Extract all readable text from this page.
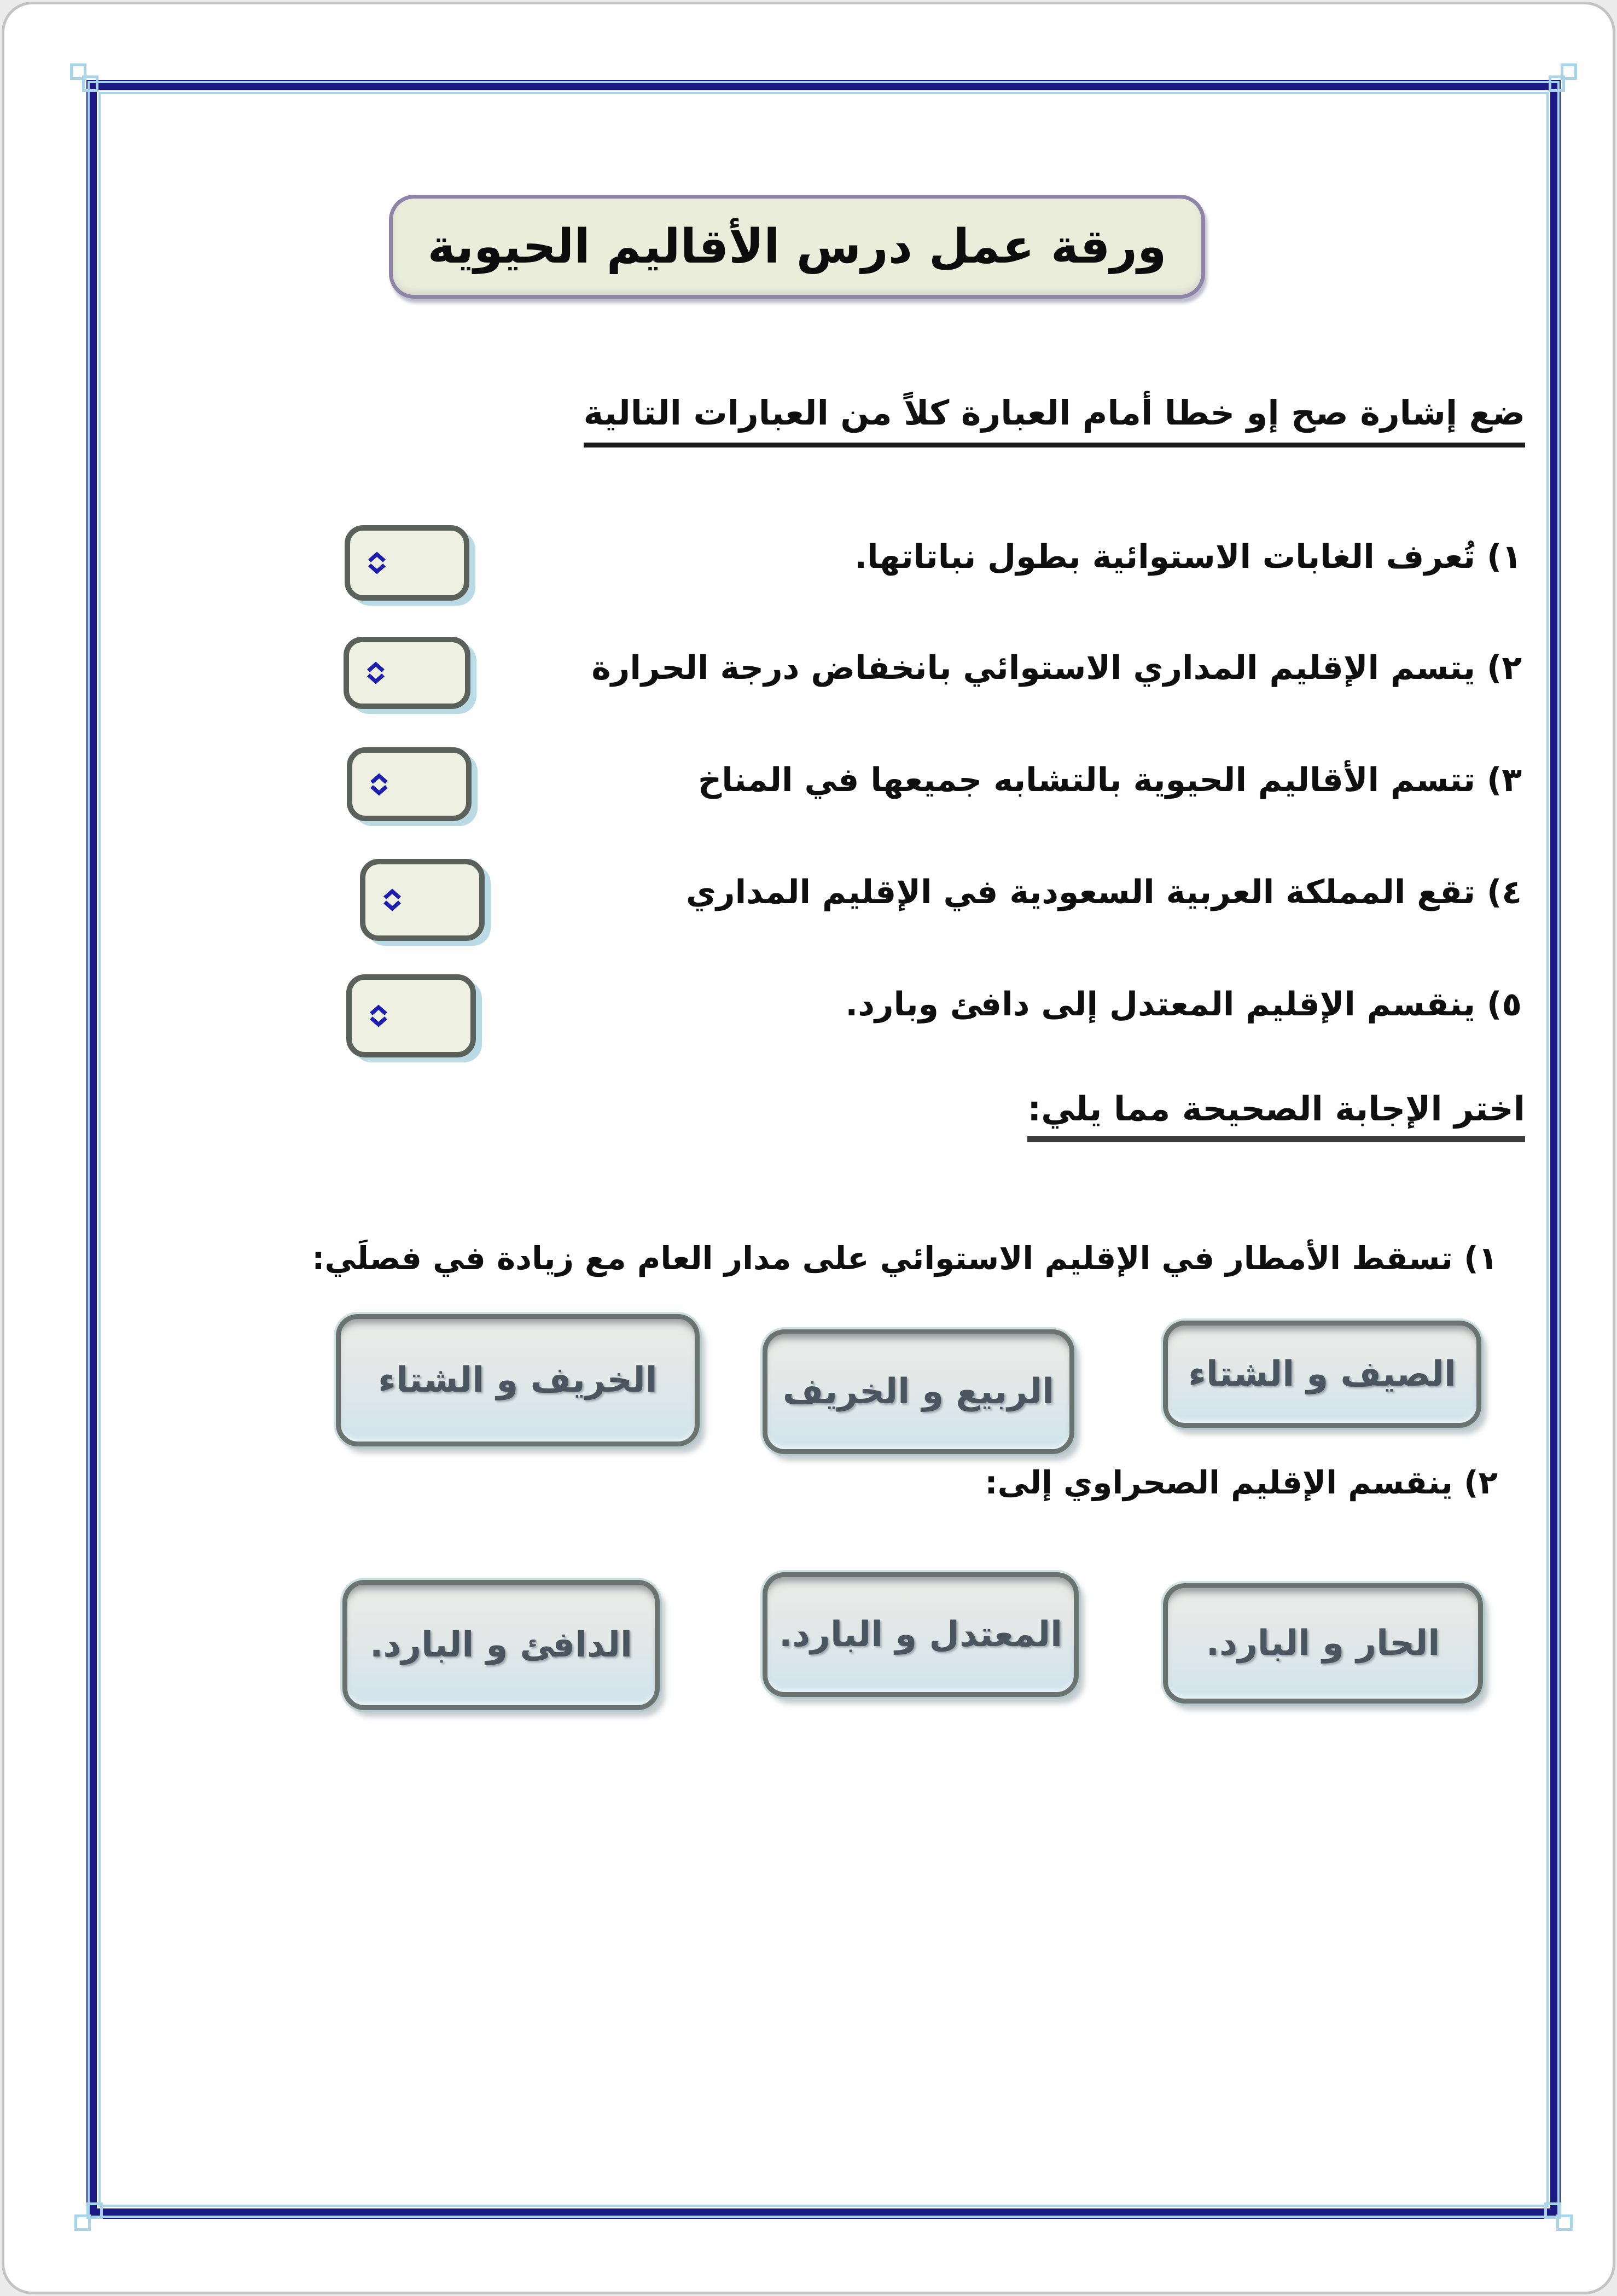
ورقة عمل درس الأقاليم الحيوية
ضع إشارة صح إو خطا أمام العبارة كلاً من العبارات التالية
١) تُعرف الغابات الاستوائية بطول نباتاتها.
٢) يتسم الإقليم المداري الاستوائي بانخفاض درجة الحرارة
٣) تتسم الأقاليم الحيوية بالتشابه جميعها في المناخ
٤) تقع المملكة العربية السعودية في الإقليم المداري
٥) ينقسم الإقليم المعتدل إلى دافئ وبارد.
اختر الإجابة الصحيحة مما يلي:
١) تسقط الأمطار في الإقليم الاستوائي على مدار العام مع زيادة في فصلَي:
الصيف و الشتاء
الربيع و الخريف
الخريف و الشتاء
٢) ينقسم الإقليم الصحراوي إلى:
الحار و البارد.
المعتدل و البارد.
الدافئ و البارد.
